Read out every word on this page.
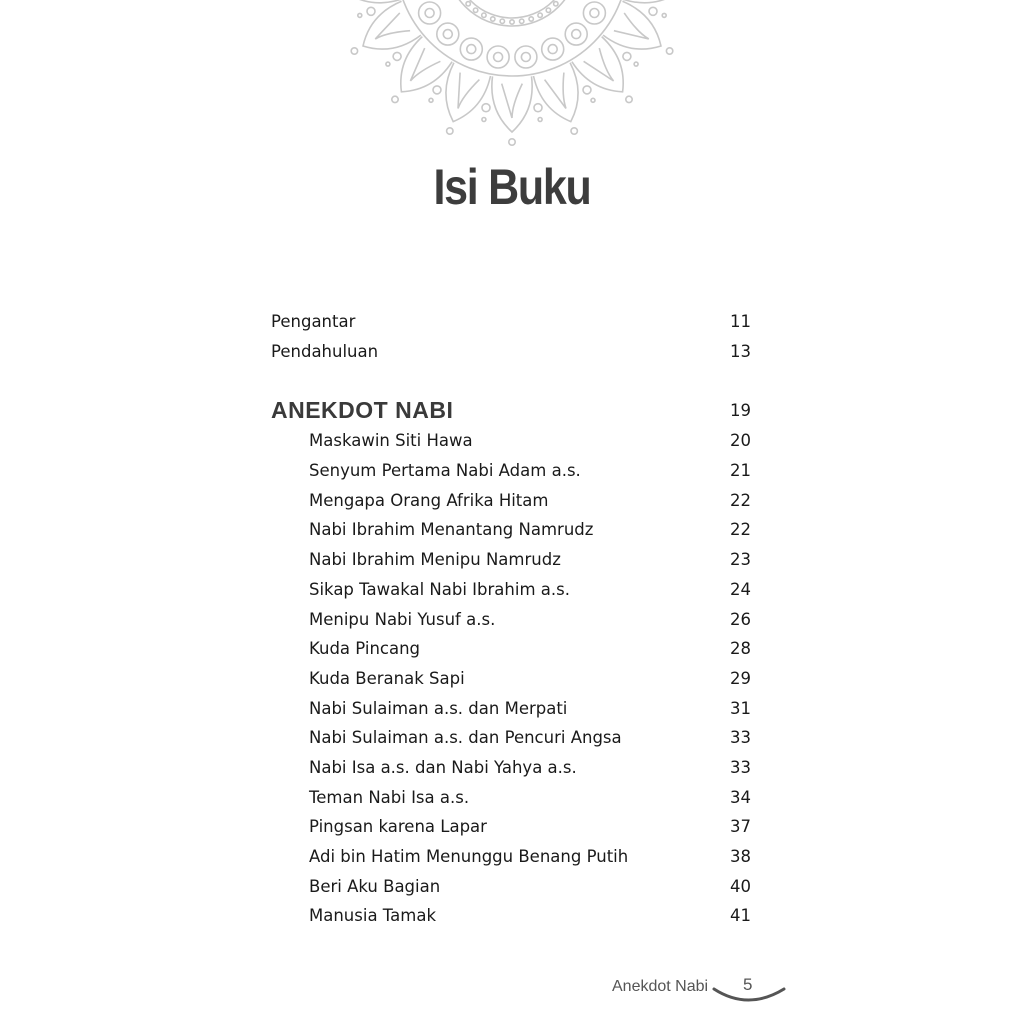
Isi Buku
Pengantar	11
Pendahuluan	13
ANEKDOT NABI	19
Maskawin Siti Hawa	20
Senyum Pertama Nabi Adam a.s.	21
Mengapa Orang Afrika Hitam	22
Nabi Ibrahim Menantang Namrudz	22
Nabi Ibrahim Menipu Namrudz	23
Sikap Tawakal Nabi Ibrahim a.s.	24
Menipu Nabi Yusuf a.s.	26
Kuda Pincang	28
Kuda Beranak Sapi	29
Nabi Sulaiman a.s. dan Merpati	31
Nabi Sulaiman a.s. dan Pencuri Angsa	33
Nabi Isa a.s. dan Nabi Yahya a.s.	33
Teman Nabi Isa a.s.	34
Pingsan karena Lapar	37
Adi bin Hatim Menunggu Benang Putih	38
Beri Aku Bagian	40
Manusia Tamak	41
Anekdot Nabi 5
